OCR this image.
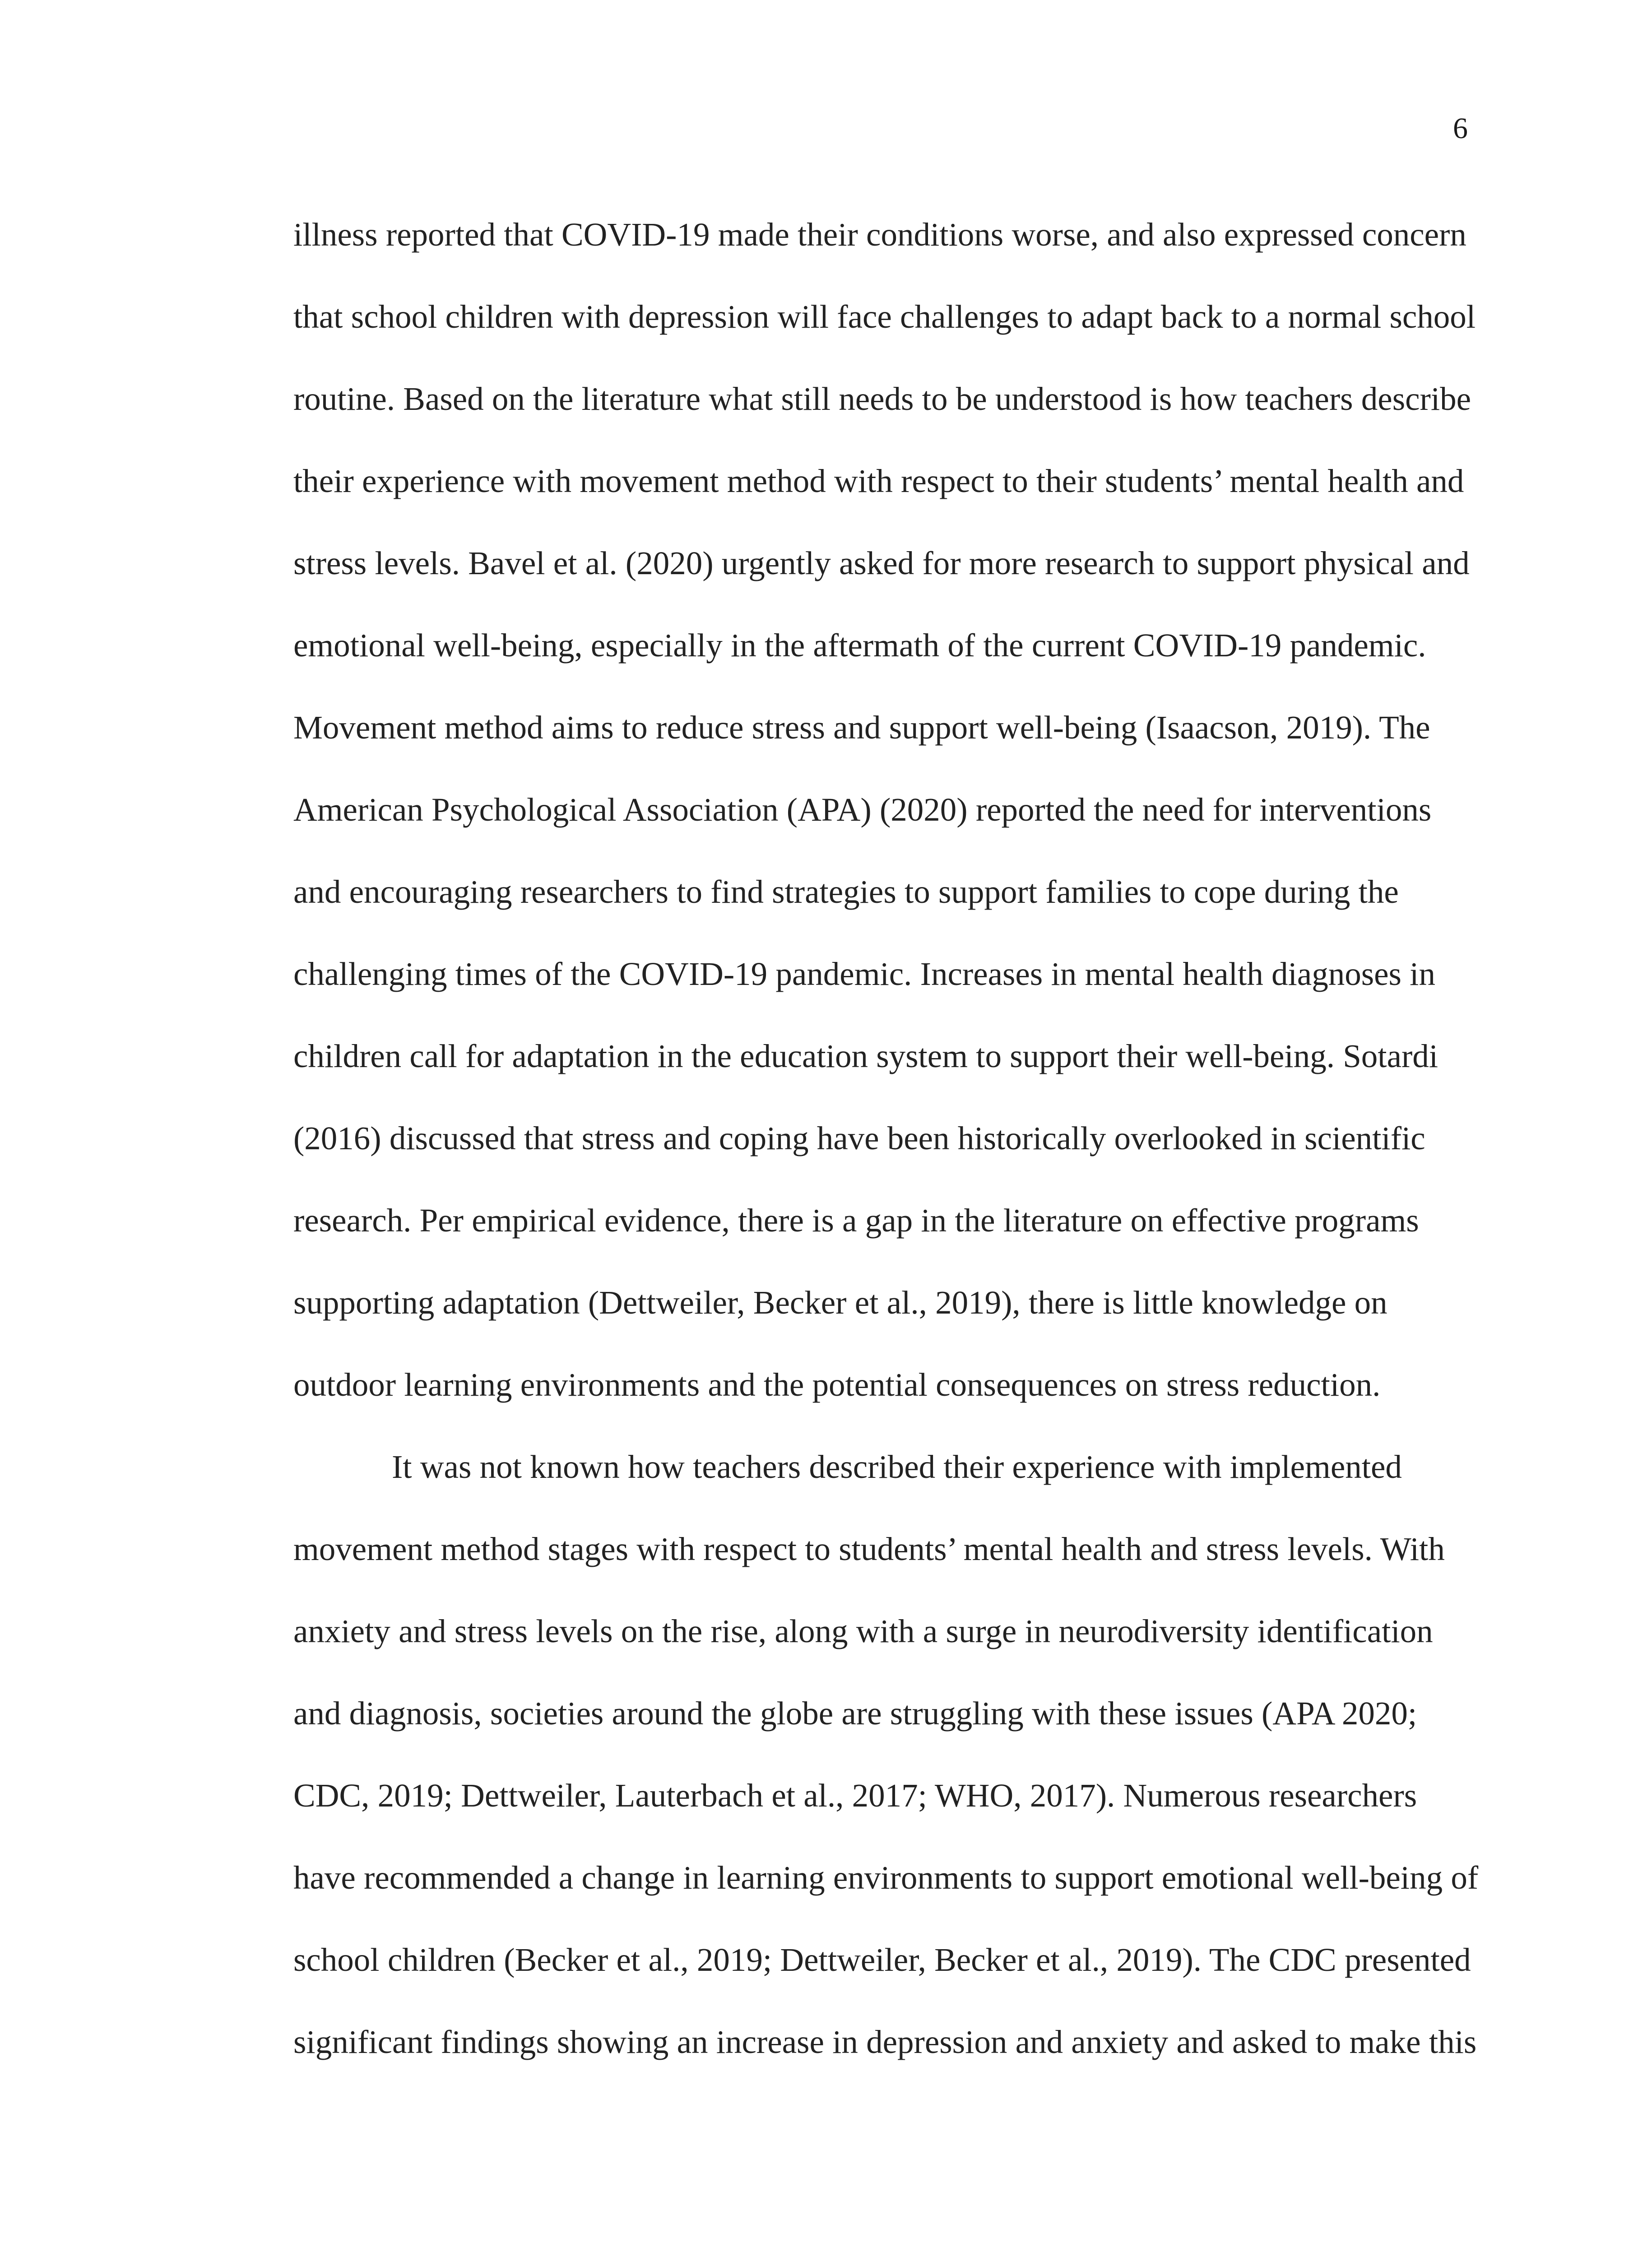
6
illness reported that COVID-19 made their conditions worse, and also expressed concern
that school children with depression will face challenges to adapt back to a normal school
routine. Based on the literature what still needs to be understood is how teachers describe
their experience with movement method with respect to their students’ mental health and
stress levels. Bavel et al. (2020) urgently asked for more research to support physical and
emotional well-being, especially in the aftermath of the current COVID-19 pandemic.
Movement method aims to reduce stress and support well-being (Isaacson, 2019). The
American Psychological Association (APA) (2020) reported the need for interventions
and encouraging researchers to find strategies to support families to cope during the
challenging times of the COVID-19 pandemic. Increases in mental health diagnoses in
children call for adaptation in the education system to support their well-being. Sotardi
(2016) discussed that stress and coping have been historically overlooked in scientific
research. Per empirical evidence, there is a gap in the literature on effective programs
supporting adaptation (Dettweiler, Becker et al., 2019), there is little knowledge on
outdoor learning environments and the potential consequences on stress reduction.
It was not known how teachers described their experience with implemented
movement method stages with respect to students’ mental health and stress levels. With
anxiety and stress levels on the rise, along with a surge in neurodiversity identification
and diagnosis, societies around the globe are struggling with these issues (APA 2020;
CDC, 2019; Dettweiler, Lauterbach et al., 2017; WHO, 2017). Numerous researchers
have recommended a change in learning environments to support emotional well-being of
school children (Becker et al., 2019; Dettweiler, Becker et al., 2019). The CDC presented
significant findings showing an increase in depression and anxiety and asked to make this
